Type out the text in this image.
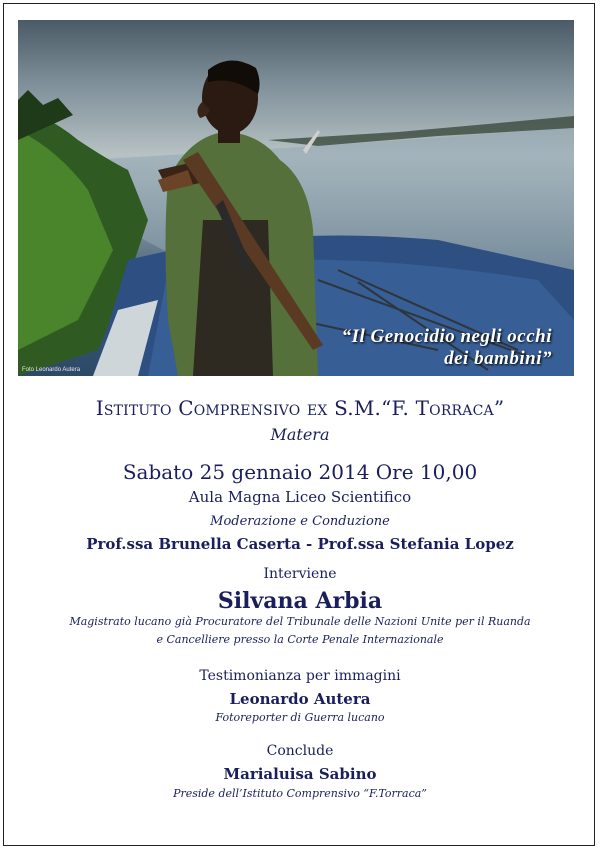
“Il Genocidio negli occhi
dei bambini”
Foto Leonardo Autera
Istituto Comprensivo ex S.M.“F. Torraca”
Matera
Sabato 25 gennaio 2014 Ore 10,00
Aula Magna Liceo Scientifico
Moderazione e Conduzione
Prof.ssa Brunella Caserta - Prof.ssa Stefania Lopez
Interviene
Silvana Arbia
Magistrato lucano già Procuratore del Tribunale delle Nazioni Unite per il Ruanda
e Cancelliere presso la Corte Penale Internazionale
Testimonianza per immagini
Leonardo Autera
Fotoreporter di Guerra lucano
Conclude
Marialuisa Sabino
Preside dell’Istituto Comprensivo “F.Torraca”
